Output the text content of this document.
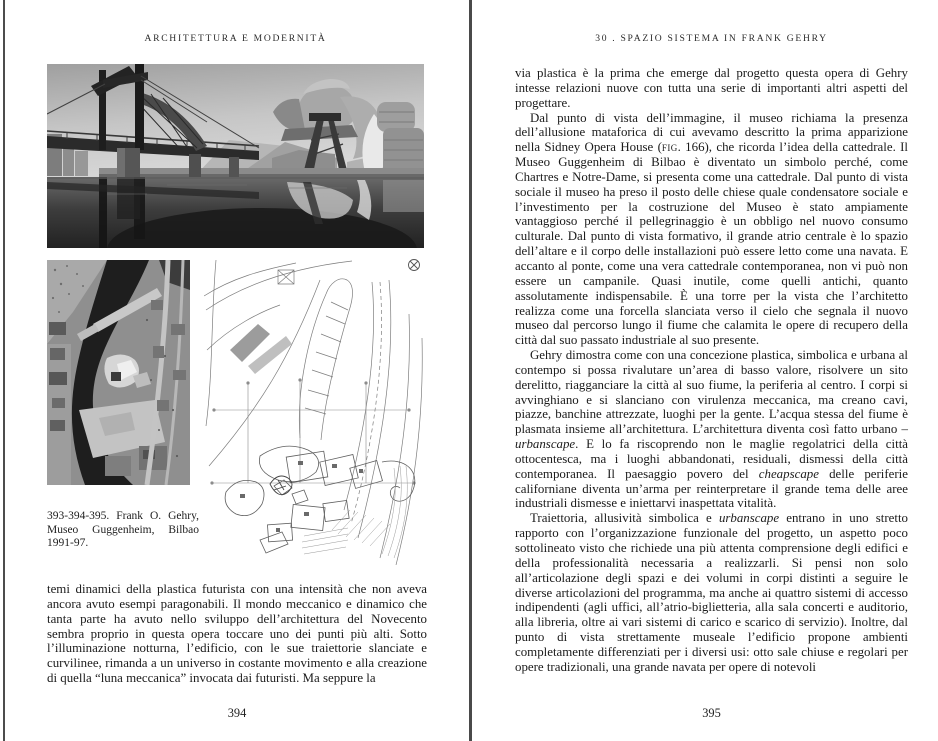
ARCHITETTURA E MODERNITÀ
393-394-395. Frank O. Gehry, Museo Guggenheim, Bilbao 1991-97.
temi dinamici della plastica futurista con una intensità che non aveva ancora avuto esempi paragonabili. Il mondo meccanico e dinamico che tanta parte ha avuto nello sviluppo dell’architettura del Novecento sembra proprio in questa opera toccare uno dei punti più alti. Sotto l’illuminazione notturna, l’edificio, con le sue traiettorie slanciate e curvilinee, rimanda a un universo in costante movimento e alla creazione di quella “luna meccanica” invocata dai futuristi. Ma seppure la
394
30 . SPAZIO SISTEMA IN FRANK GEHRY

via plastica è la prima che emerge dal progetto questa opera di Gehry intesse relazioni nuove con tutta una serie di importanti altri aspetti del progettare.

Dal punto di vista dell’immagine, il museo richiama la presenza dell’allusione mataforica di cui avevamo descritto la prima apparizione nella Sidney Opera House (fig. 166), che ricorda l’idea della cattedrale. Il Museo Guggenheim di Bilbao è diventato un simbolo perché, come Chartres e Notre-Dame, si presenta come una cattedrale. Dal punto di vista sociale il museo ha preso il posto delle chiese quale condensatore sociale e l’investimento per la costruzione del Museo è stato ampiamente vantaggioso perché il pellegrinaggio è un obbligo nel nuovo consumo culturale. Dal punto di vista formativo, il grande atrio centrale è lo spazio dell’altare e il corpo delle installazioni può essere letto come una navata. E accanto al ponte, come una vera cattedrale contemporanea, non vi può non essere un campanile. Quasi inutile, come quelli antichi, quanto assolutamente indispensabile. È una torre per la vista che l’architetto realizza come una forcella slanciata verso il cielo che segnala il nuovo museo dal percorso lungo il fiume che calamita le opere di recupero della città dal suo passato industriale al suo presente.

Gehry dimostra come con una concezione plastica, simbolica e urbana al contempo si possa rivalutare un’area di basso valore, risolvere un sito derelitto, riagganciare la città al suo fiume, la periferia al centro. I corpi si avvinghiano e si slanciano con virulenza meccanica, ma creano cavi, piazze, banchine attrezzate, luoghi per la gente. L’acqua stessa del fiume è plasmata insieme all’architettura. L’architettura diventa così fatto urbano – urbanscape. E lo fa riscoprendo non le maglie regolatrici della città ottocentesca, ma i luoghi abbandonati, residuali, dismessi della città contemporanea. Il paesaggio povero del cheapscape delle periferie californiane diventa un’arma per reinterpretare il grande tema delle aree industriali dismesse e iniettarvi inaspettata vitalità.

Traiettoria, allusività simbolica e urbanscape entrano in uno stretto rapporto con l’organizzazione funzionale del progetto, un aspetto poco sottolineato visto che richiede una più attenta comprensione degli edifici e della professionalità necessaria a realizzarli. Si pensi non solo all’articolazione degli spazi e dei volumi in corpi distinti a seguire le diverse articolazioni del programma, ma anche ai quattro sistemi di accesso indipendenti (agli uffici, all’atrio-biglietteria, alla sala concerti e auditorio, alla libreria, oltre ai vari sistemi di carico e scarico di servizio). Inoltre, dal punto di vista strettamente museale l’edificio propone ambienti completamente differenziati per i diversi usi: otto sale chiuse e regolari per opere tradizionali, una grande navata per opere di notevoli

395
